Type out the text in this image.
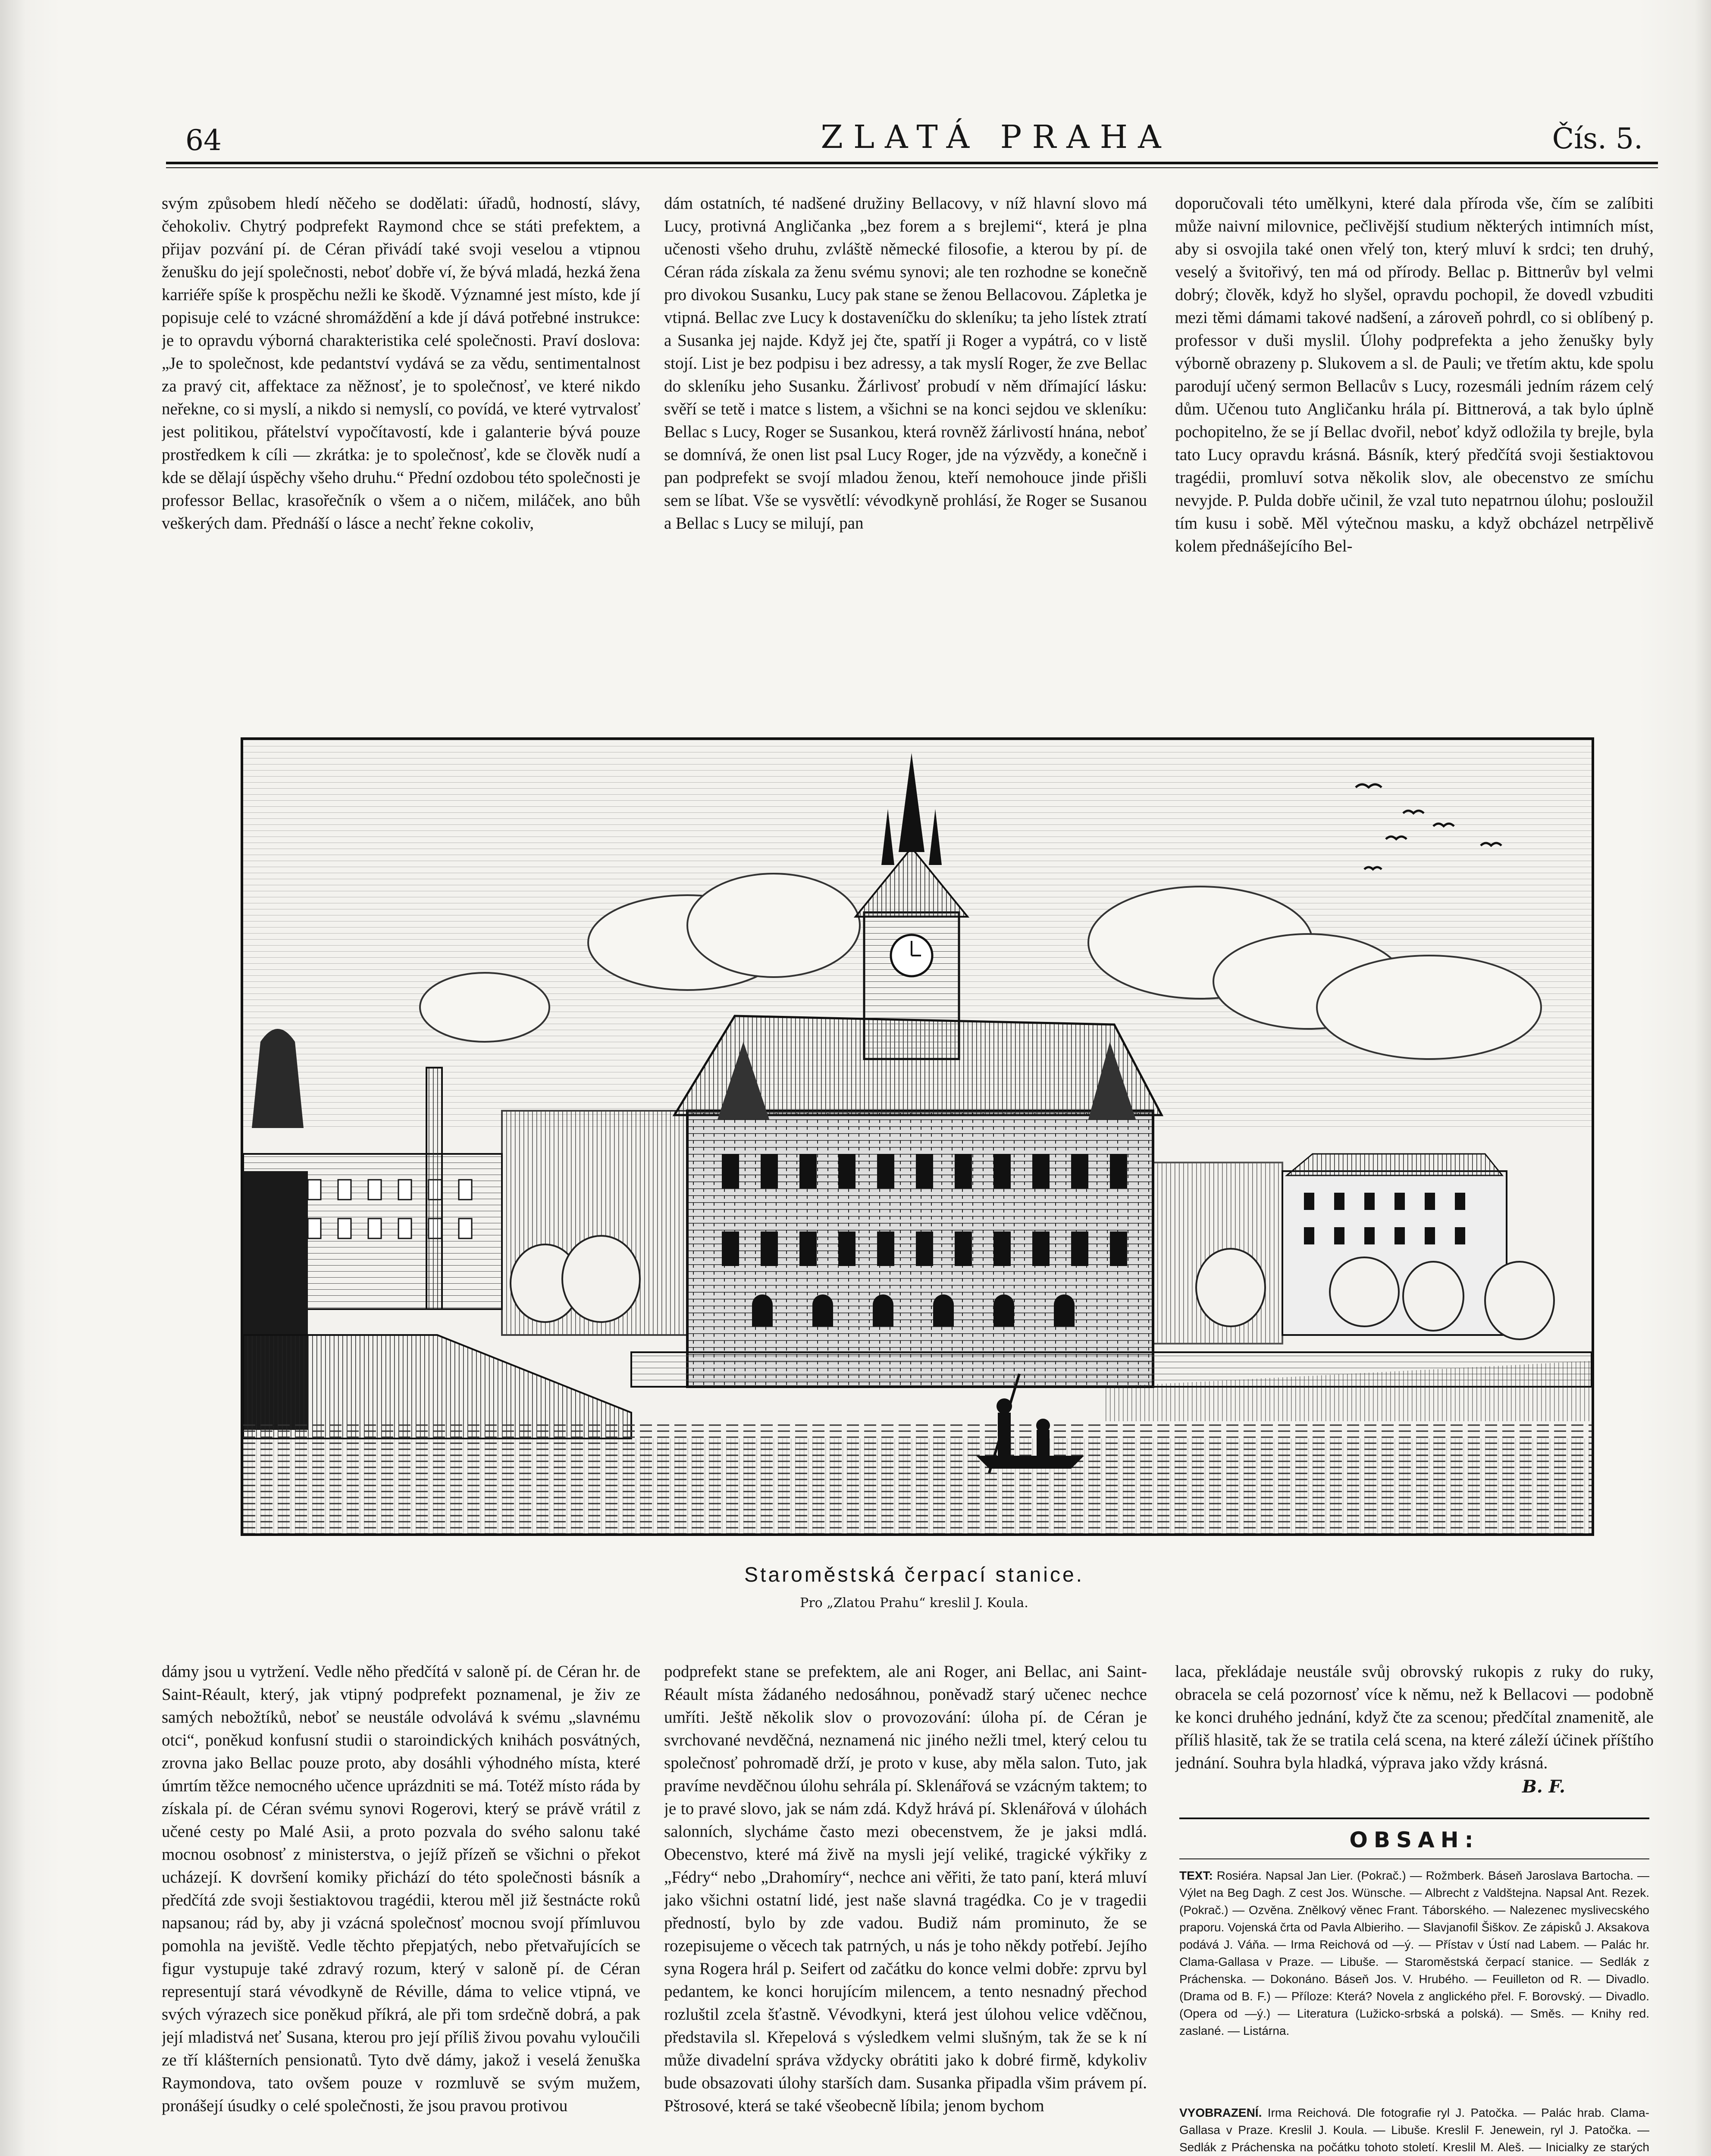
64	ZLATÁ PRAHA	Čís. 5.

svým způsobem hledí něčeho se dodělati: úřadů, hodností, slávy, čehokoliv. Chytrý podprefekt Raymond chce se státi prefektem, a přijav pozvání pí. de Céran přivádí také svoji veselou a vtipnou ženušku do její společnosti, neboť dobře ví, že bývá mladá, hezká žena karriéře spíše k prospěchu nežli ke škodě. Významné jest místo, kde jí popisuje celé to vzácné shromáždění a kde jí dává potřebné instrukce: je to opravdu výborná charakteristika celé společnosti. Praví doslova: „Je to společnost, kde pedantství vydává se za vědu, sentimentalnost za pravý cit, affektace za něžnosť, je to společnosť, ve které nikdo neřekne, co si myslí, a nikdo si nemyslí, co povídá, ve které vytrvalosť jest politikou, přátelství vypočítavostí, kde i galanterie bývá pouze prostředkem k cíli — zkrátka: je to společnosť, kde se člověk nudí a kde se dělají úspěchy všeho druhu.“ Přední ozdobou této společnosti je professor Bellac, krasořečník o všem a o ničem, miláček, ano bůh veškerých dam. Přednáší o lásce a nechť řekne cokoliv,

dám ostatních, té nadšené družiny Bellacovy, v níž hlavní slovo má Lucy, protivná Angličanka „bez forem a s brejlemi“, která je plna učenosti všeho druhu, zvláště německé filosofie, a kterou by pí. de Céran ráda získala za ženu svému synovi; ale ten rozhodne se konečně pro divokou Susanku, Lucy pak stane se ženou Bellacovou. Zápletka je vtipná. Bellac zve Lucy k dostaveníčku do skleníku; ta jeho lístek ztratí a Susanka jej najde. Když jej čte, spatří ji Roger a vypátrá, co v listě stojí. List je bez podpisu i bez adressy, a tak myslí Roger, že zve Bellac do skleníku jeho Susanku. Žárlivosť probudí v něm dřímající lásku: svěří se tetě i matce s listem, a všichni se na konci sejdou ve skleníku: Bellac s Lucy, Roger se Susankou, která rovněž žárlivostí hnána, neboť se domnívá, že onen list psal Lucy Roger, jde na výzvědy, a konečně i pan podprefekt se svojí mladou ženou, kteří nemohouce jinde přišli sem se líbat. Vše se vysvětlí: vévodkyně prohlásí, že Roger se Susanou a Bellac s Lucy se milují, pan

doporučovali této umělkyni, které dala příroda vše, čím se zalíbiti může naivní milovnice, pečlivější studium některých intimních míst, aby si osvojila také onen vřelý ton, který mluví k srdci; ten druhý, veselý a švitořivý, ten má od přírody. Bellac p. Bittnerův byl velmi dobrý; člověk, když ho slyšel, opravdu pochopil, že dovedl vzbuditi mezi těmi dámami takové nadšení, a zároveň pohrdl, co si oblíbený p. professor v duši myslil. Úlohy podprefekta a jeho ženušky byly výborně obrazeny p. Slukovem a sl. de Pauli; ve třetím aktu, kde spolu parodují učený sermon Bellacův s Lucy, rozesmáli jedním rázem celý dům. Učenou tuto Angličanku hrála pí. Bittnerová, a tak bylo úplně pochopitelno, že se jí Bellac dvořil, neboť když odložila ty brejle, byla tato Lucy opravdu krásná. Básník, který předčítá svoji šestiaktovou tragédii, promluví sotva několik slov, ale obecenstvo ze smíchu nevyjde. P. Pulda dobře učinil, že vzal tuto nepatrnou úlohu; posloužil tím kusu i sobě. Měl výtečnou masku, a když obcházel netrpělivě kolem přednášejícího Bel-

Staroměstská čerpací stanice.
Pro „Zlatou Prahu“ kreslil J. Koula.

dámy jsou u vytržení. Vedle něho předčítá v saloně pí. de Céran hr. de Saint-Réault, který, jak vtipný podprefekt poznamenal, je živ ze samých nebožtíků, neboť se neustále odvolává k svému „slavnému otci“, poněkud konfusní studii o staroindických knihách posvátných, zrovna jako Bellac pouze proto, aby dosáhli výhodného místa, které úmrtím těžce nemocného učence uprázdniti se má. Totéž místo ráda by získala pí. de Céran svému synovi Rogerovi, který se právě vrátil z učené cesty po Malé Asii, a proto pozvala do svého salonu také mocnou osobnosť z ministerstva, o jejíž přízeň se všichni o překot ucházejí. K dovršení komiky přichází do této společnosti básník a předčítá zde svoji šestiaktovou tragédii, kterou měl již šestnácte roků napsanou; rád by, aby ji vzácná společnosť mocnou svojí přímluvou pomohla na jeviště. Vedle těchto přepjatých, nebo přetvařujících se figur vystupuje také zdravý rozum, který v saloně pí. de Céran representují stará vévodkyně de Réville, dáma to velice vtipná, ve svých výrazech sice poněkud příkrá, ale při tom srdečně dobrá, a pak její mladistvá neť Susana, kterou pro její příliš živou povahu vyloučili ze tří klášterních pensionatů. Tyto dvě dámy, jakož i veselá ženuška Raymondova, tato ovšem pouze v rozmluvě se svým mužem, pronášejí úsudky o celé společnosti, že jsou pravou protivou

podprefekt stane se prefektem, ale ani Roger, ani Bellac, ani Saint-Réault místa žádaného nedosáhnou, poněvadž starý učenec nechce umříti. Ještě několik slov o provozování: úloha pí. de Céran je svrchované nevděčná, neznamená nic jiného nežli tmel, který celou tu společnosť pohromadě drží, je proto v kuse, aby měla salon. Tuto, jak pravíme nevděčnou úlohu sehrála pí. Sklenářová se vzácným taktem; to je to pravé slovo, jak se nám zdá. Když hrává pí. Sklenářová v úlohách salonních, slycháme často mezi obecenstvem, že je jaksi mdlá. Obecenstvo, které má živě na mysli její veliké, tragické výkřiky z „Fédry“ nebo „Drahomíry“, nechce ani věřiti, že tato paní, která mluví jako všichni ostatní lidé, jest naše slavná tragédka. Co je v tragedii předností, bylo by zde vadou. Budiž nám prominuto, že se rozepisujeme o věcech tak patrných, u nás je toho někdy potřebí. Jejího syna Rogera hrál p. Seifert od začátku do konce velmi dobře: zprvu byl pedantem, ke konci horujícím milencem, a tento nesnadný přechod rozluštil zcela šťastně. Vévodkyni, která jest úlohou velice vděčnou, představila sl. Křepelová s výsledkem velmi slušným, tak že se k ní může divadelní správa vždycky obrátiti jako k dobré firmě, kdykoliv bude obsazovati úlohy starších dam. Susanka připadla všim právem pí. Pštrosové, která se také všeobecně líbila; jenom bychom

laca, překládaje neustále svůj obrovský rukopis z ruky do ruky, obracela se celá pozornosť více k němu, než k Bellacovi — podobně ke konci druhého jednání, když čte za scenou; předčítal znamenitě, ale příliš hlasitě, tak že se tratila celá scena, na které záleží účinek příštího jednání. Souhra byla hladká, výprava jako vždy krásná.

B. F.
OBSAH:
TEXT: Rosiéra. Napsal Jan Lier. (Pokrač.) — Rožmberk. Báseň Jaroslava Bartocha. — Výlet na Beg Dagh. Z cest Jos. Wünsche. — Albrecht z Valdštejna. Napsal Ant. Rezek. (Pokrač.) — Ozvěna. Znělkový věnec Frant. Táborského. — Nalezenec myslivecského praporu. Vojenská črta od Pavla Albieriho. — Slavjanofil Šiškov. Ze zápisků J. Aksakova podává J. Váňa. — Irma Reichová od —ý. — Přístav v Ústí nad Labem. — Palác hr. Clama-Gallasa v Praze. — Libuše. — Staroměstská čerpací stanice. — Sedlák z Práchenska. — Dokonáno. Báseň Jos. V. Hrubého. — Feuilleton od R. — Divadlo. (Drama od B. F.) — Příloze: Která? Novela z anglického přel. F. Borovský. — Divadlo. (Opera od —ý.) — Literatura (Lužicko-srbská a polská). — Směs. — Knihy red. zaslané. — Listárna.
VYOBRAZENÍ. Irma Reichová. Dle fotografie ryl J. Patočka. — Palác hrab. Clama-Gallasa v Praze. Kreslil J. Koula. — Libuše. Kreslil F. Jenewein, ryl J. Patočka. — Sedlák z Práchenska na počátku tohoto století. Kreslil M. Aleš. — Inicialky ze starých
